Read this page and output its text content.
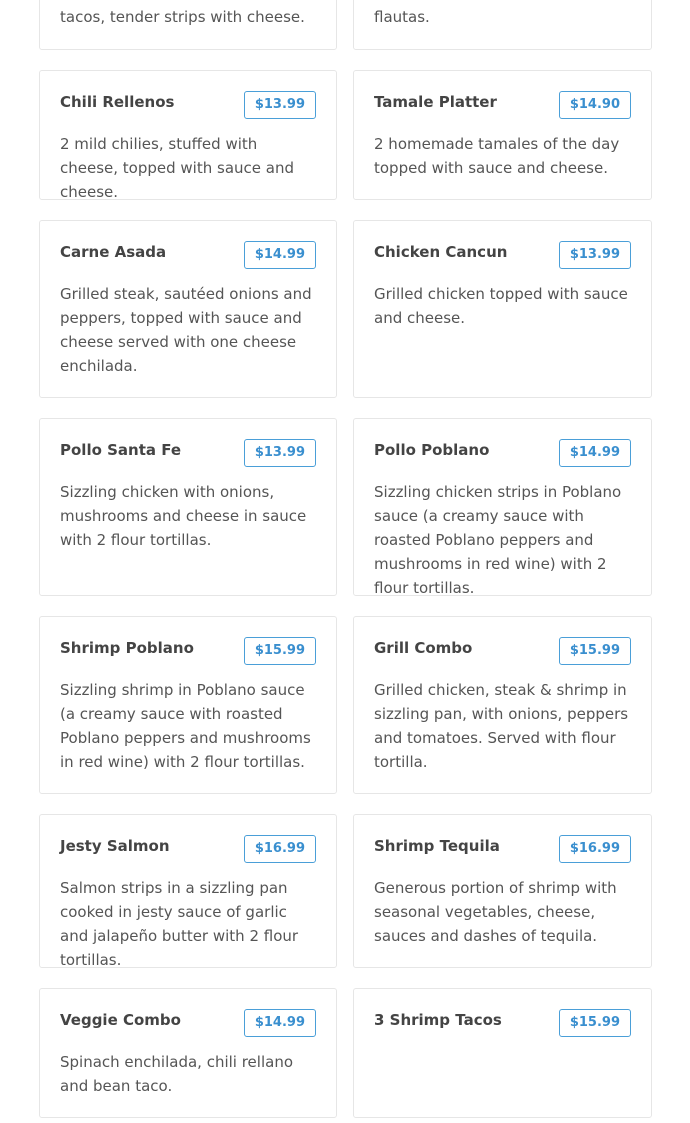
tacos, tender strips with cheese.	flautas.

Chili Rellenos	$13.99

2 mild chilies, stuffed with cheese, topped with sauce and cheese.

Tamale Platter	$14.90

2 homemade tamales of the day topped with sauce and cheese.

Carne Asada	$14.99

Grilled steak, sautéed onions and peppers, topped with sauce and cheese served with one cheese enchilada.

Chicken Cancun	$13.99

Grilled chicken topped with sauce and cheese.

Pollo Santa Fe	$13.99

Sizzling chicken with onions, mushrooms and cheese in sauce with 2 flour tortillas.

Pollo Poblano	$14.99

Sizzling chicken strips in Poblano sauce (a creamy sauce with roasted Poblano peppers and mushrooms in red wine) with 2 flour tortillas.

Shrimp Poblano	$15.99

Sizzling shrimp in Poblano sauce (a creamy sauce with roasted Poblano peppers and mushrooms in red wine) with 2 flour tortillas.

Grill Combo	$15.99

Grilled chicken, steak & shrimp in sizzling pan, with onions, peppers and tomatoes. Served with flour tortilla.

Jesty Salmon	$16.99

Salmon strips in a sizzling pan cooked in jesty sauce of garlic and jalapeño butter with 2 flour tortillas.

Shrimp Tequila	$16.99

Generous portion of shrimp with seasonal vegetables, cheese, sauces and dashes of tequila.

Veggie Combo	$14.99

Spinach enchilada, chili rellano and bean taco.

3 Shrimp Tacos	$15.99
